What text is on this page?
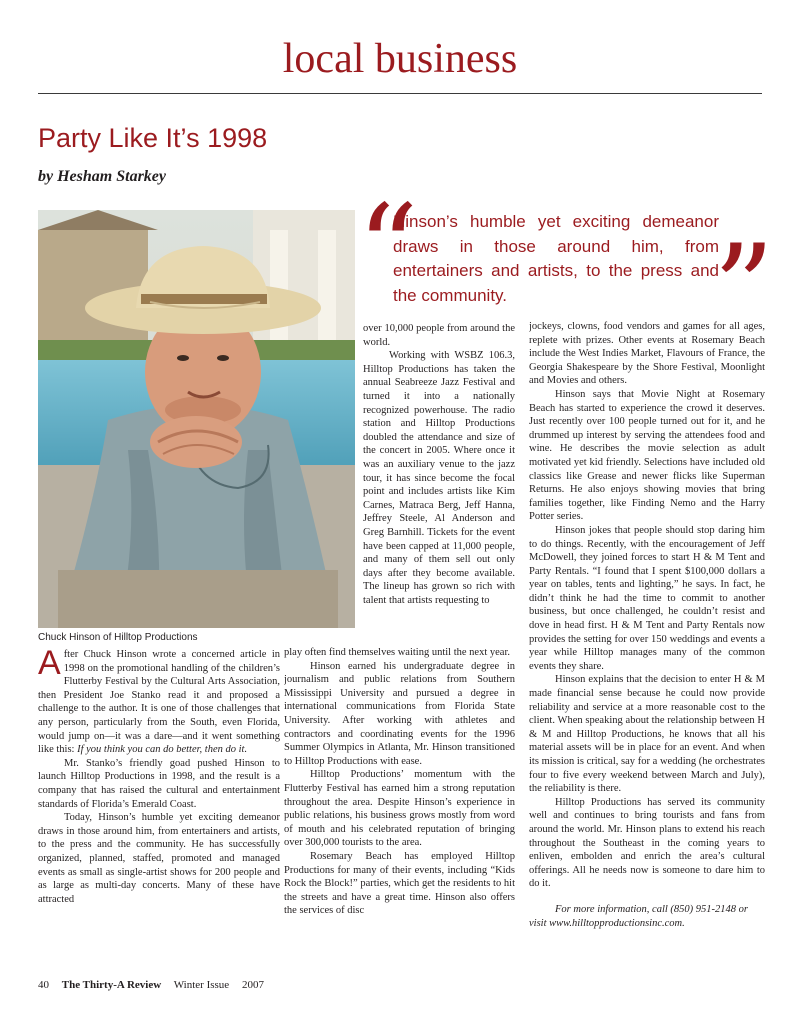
local business
Party Like It’s 1998
by Hesham Starkey
Chuck Hinson of Hilltop Productions
“
Hinson’s humble yet exciting demeanor draws in those around him, from entertainers and artists, to the press and the community.	”

After Chuck Hinson wrote a concerned article in 1998 on the promotional handling of the children’s Flutterby Festival by the Cultural Arts Association, then President Joe Stanko read it and proposed a challenge to the author. It is one of those challenges that any person, particularly from the South, even Florida, would jump on—it was a dare—and it went something like this: If you think you can do better, then do it.

Mr. Stanko’s friendly goad pushed Hinson to launch Hilltop Productions in 1998, and the result is a company that has raised the cultural and entertainment standards of Florida’s Emerald Coast.

Today, Hinson’s humble yet exciting demeanor draws in those around him, from entertainers and artists, to the press and the community. He has successfully organized, planned, staffed, promoted and managed events as small as single-artist shows for 200 people and as large as multi-day concerts. Many of these have attracted

over 10,000 people from around the world.

Working with WSBZ 106.3, Hilltop Productions has taken the annual Seabreeze Jazz Festival and turned it into a nationally recognized powerhouse. The radio station and Hilltop Productions doubled the attendance and size of the concert in 2005. Where once it was an auxiliary venue to the jazz tour, it has since become the focal point and includes artists like Kim Carnes, Matraca Berg, Jeff Hanna, Jeffrey Steele, Al Anderson and Greg Barnhill. Tickets for the event have been capped at 11,000 people, and many of them sell out only days after they become available. The lineup has grown so rich with talent that artists requesting to

play often find themselves waiting until the next year.

Hinson earned his undergraduate degree in journalism and public relations from Southern Mississippi University and pursued a degree in international communications from Florida State University. After working with athletes and contractors and coordinating events for the 1996 Summer Olympics in Atlanta, Mr. Hinson transitioned to Hilltop Productions with ease.

Hilltop Productions’ momentum with the Flutterby Festival has earned him a strong reputation throughout the area. Despite Hinson’s experience in public relations, his business grows mostly from word of mouth and his celebrated reputation of bringing over 300,000 tourists to the area.

Rosemary Beach has employed Hilltop Productions for many of their events, including “Kids Rock the Block!” parties, which get the residents to hit the streets and have a great time. Hinson also offers the services of disc

jockeys, clowns, food vendors and games for all ages, replete with prizes. Other events at Rosemary Beach include the West Indies Market, Flavours of France, the Georgia Shakespeare by the Shore Festival, Moonlight and Movies and others.

Hinson says that Movie Night at Rosemary Beach has started to experience the crowd it deserves. Just recently over 100 people turned out for it, and he drummed up interest by serving the attendees food and wine. He describes the movie selection as adult motivated yet kid friendly. Selections have included old classics like Grease and newer flicks like Superman Returns. He also enjoys showing movies that bring families together, like Finding Nemo and the Harry Potter series.

Hinson jokes that people should stop daring him to do things. Recently, with the encouragement of Jeff McDowell, they joined forces to start H & M Tent and Party Rentals. “I found that I spent $100,000 dollars a year on tables, tents and lighting,” he says. In fact, he didn’t think he had the time to commit to another business, but once challenged, he couldn’t resist and dove in head first. H & M Tent and Party Rentals now provides the setting for over 150 weddings and events a year while Hilltop manages many of the common events they share.

Hinson explains that the decision to enter H & M made financial sense because he could now provide reliability and service at a more reasonable cost to the client. When speaking about the relationship between H & M and Hilltop Productions, he knows that all his material assets will be in place for an event. And when its mission is critical, say for a wedding (he orchestrates four to five every weekend between March and July), the reliability is there.

Hilltop Productions has served its community well and continues to bring tourists and fans from around the world. Mr. Hinson plans to extend his reach throughout the Southeast in the coming years to enliven, embolden and enrich the area’s cultural offerings. All he needs now is someone to dare him to do it.

For more information, call (850) 951-2148 or visit www.hilltopproductionsinc.com.

40 The Thirty-A Review Winter Issue 2007
